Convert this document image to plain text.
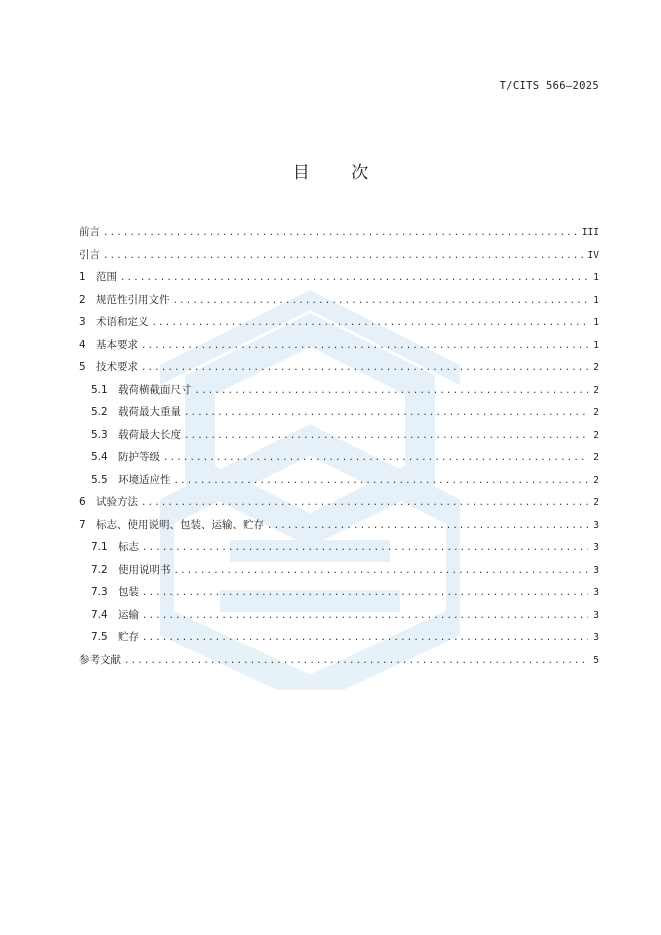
T/CITS 566—2025
目 次
前言 .....	III
引言 .....	IV
1 范围 .....	1
2 规范性引用文件 .....	1
3 术语和定义 .....	1
4 基本要求 .....	1
5 技术要求 .....	2
5.1 载荷横截面尺寸 .....	2
5.2 载荷最大重量 .....	2
5.3 载荷最大长度 .....	2
5.4 防护等级 .....	2
5.5 环境适应性 .....	2
6 试验方法 .....	2
7 标志、使用说明、包装、运输、贮存 .....	3
7.1 标志 .....	3
7.2 使用说明书 .....	3
7.3 包装 .....	3
7.4 运输 .....	3
7.5 贮存 .....	3
参考文献 .....	5
